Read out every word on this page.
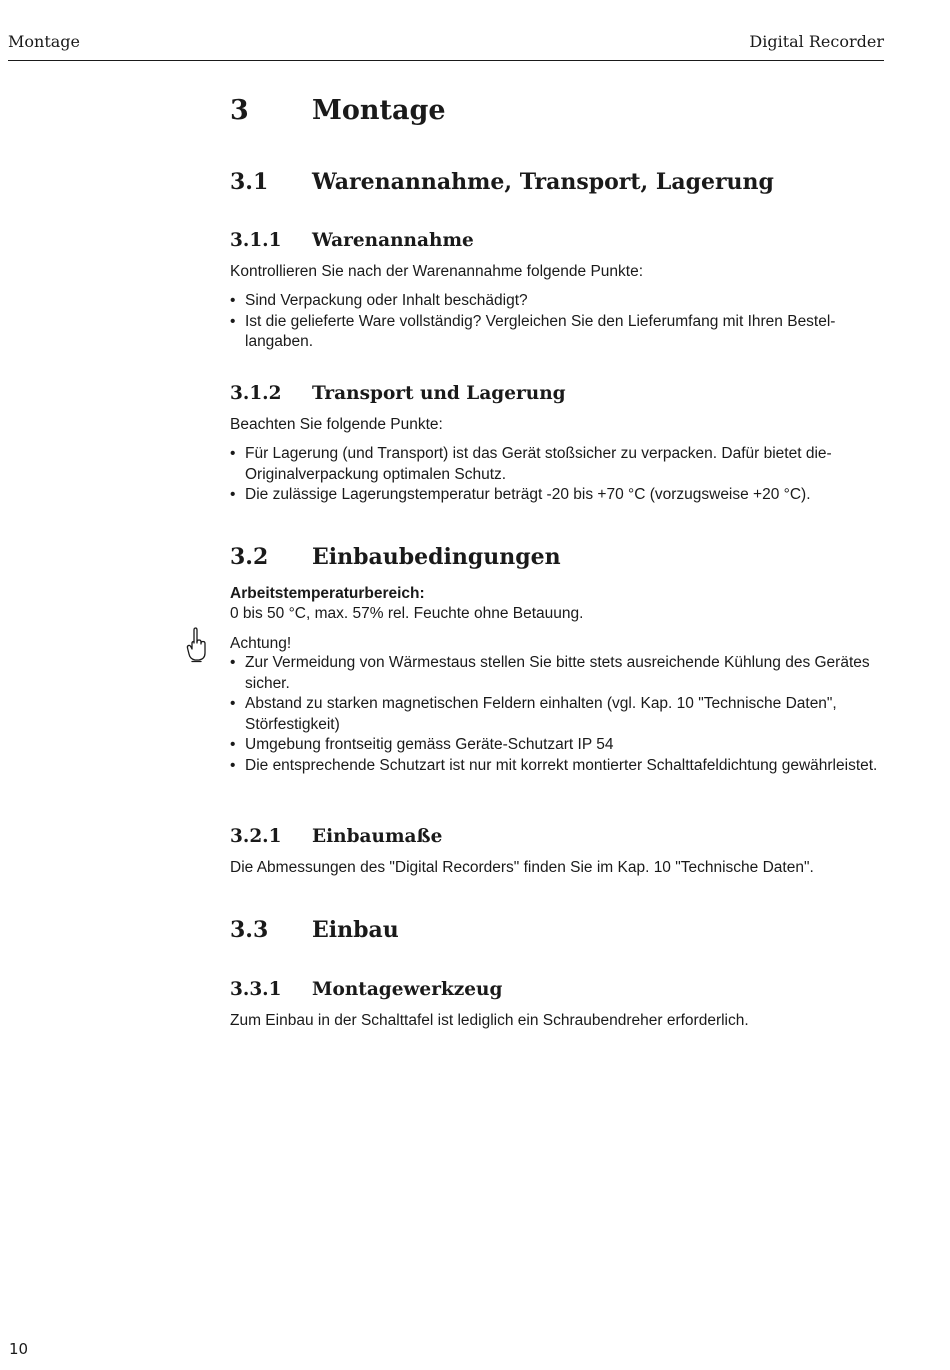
Montage	Digital Recorder
3 Montage
3.1 Warenannahme, Transport, Lagerung
3.1.1 Warenannahme

Kontrollieren Sie nach der Warenannahme folgende Punkte:

• Sind Verpackung oder Inhalt beschädigt?
• Ist die gelieferte Ware vollständig? Vergleichen Sie den Lieferumfang mit Ihren Bestel-langaben.
3.1.2 Transport und Lagerung

Beachten Sie folgende Punkte:

• Für Lagerung (und Transport) ist das Gerät stoßsicher zu verpacken. Dafür bietet die-Originalverpackung optimalen Schutz.
• Die zulässige Lagerungstemperatur beträgt -20 bis +70 °C (vorzugsweise +20 °C).
3.2 Einbaubedingungen

Arbeitstemperaturbereich:

0 bis 50 °C, max. 57% rel. Feuchte ohne Betauung.

Achtung!

• Zur Vermeidung von Wärmestaus stellen Sie bitte stets ausreichende Kühlung des Gerätes sicher.
• Abstand zu starken magnetischen Feldern einhalten (vgl. Kap. 10 "Technische Daten", Störfestigkeit)
• Umgebung frontseitig gemäss Geräte-Schutzart IP 54
• Die entsprechende Schutzart ist nur mit korrekt montierter Schalttafeldichtung gewährleistet.
3.2.1 Einbaumaße

Die Abmessungen des "Digital Recorders" finden Sie im Kap. 10 "Technische Daten".

3.3 Einbau
3.3.1 Montagewerkzeug

Zum Einbau in der Schalttafel ist lediglich ein Schraubendreher erforderlich.

10
